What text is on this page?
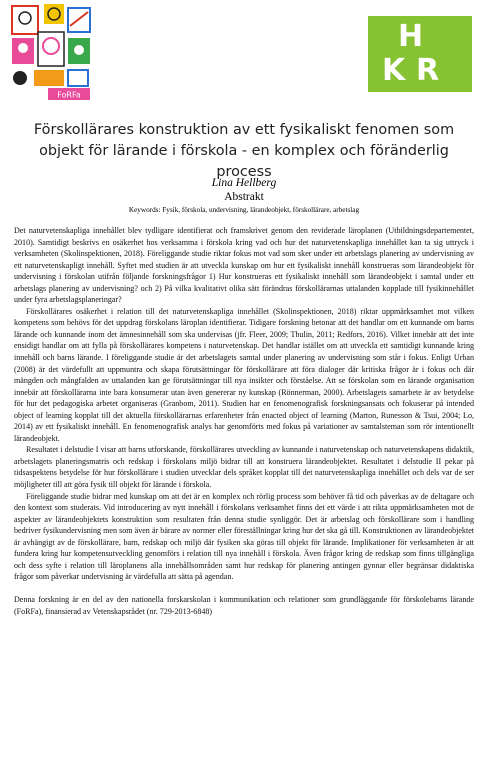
FoRFa
H
K R
Förskollärares konstruktion av ett fysikaliskt fenomen som objekt för lärande i förskola - en komplex och föränderlig process
Lina Hellberg
Abstrakt
Keywords: Fysik, förskola, undervisning, lärandeobjekt, förskollärare, arbetslag

Det naturvetenskapliga innehållet blev tydligare identifierat och framskrivet genom den reviderade läroplanen (Utbildningsdepartementet, 2010). Samtidigt beskrivs en osäkerhet hos verksamma i förskola kring vad och hur det naturvetenskapliga innehållet kan ta sig uttryck i verksamheten (Skolinspektionen, 2018). Föreliggande studie riktar fokus mot vad som sker under ett arbetslags planering av undervisning av ett naturvetenskapligt innehåll. Syftet med studien är att utveckla kunskap om hur ett fysikaliskt innehåll konstrueras som lärandeobjekt för undervisning i förskolan utifrån följande forskningsfrågor 1) Hur konstrueras ett fysikaliskt innehåll som lärandeobjekt i samtal under ett arbetslags planering av undervisning? och 2) På vilka kvalitativt olika sätt förändras förskollärarnas uttalanden kopplade till fysikinnehållet under fyra arbetslagsplaneringar?

Förskollärares osäkerhet i relation till det naturvetenskapliga innehållet (Skolinspektionen, 2018) riktar uppmärksamhet mot vilken kompetens som behövs för det uppdrag förskolans läroplan identifierar. Tidigare forskning betonar att det handlar om ett kunnande om barns lärande och kunnande inom det ämnesinnehåll som ska undervisas (jfr. Fleer, 2009; Thulin, 2011; Redfors, 2016). Vilket innebär att det inte ensidigt handlar om att fylla på förskollärares kompetens i naturvetenskap. Det handlar istället om att utveckla ett samtidigt kunnande kring innehåll och barns lärande. I föreliggande studie är det arbetslagets samtal under planering av undervisning som står i fokus. Enligt Urban (2008) är det värdefullt att uppmuntra och skapa förutsättningar för förskollärare att föra dialoger där kritiska frågor är i fokus och där mängden och mångfalden av uttalanden kan ge förutsättningar till nya insikter och förståelse. Att se förskolan som en lärande organisation innebär att förskollärarna inte bara konsumerar utan även genererar ny kunskap (Rönnerman, 2000). Arbetslagets samarbete är av betydelse för hur det pedagogiska arbetet organiseras (Granbom, 2011). Studien har en fenomenografisk forskningsansats och fokuserar på intended object of learning kopplat till det aktuella förskollärarnas erfarenheter från enacted object of learning (Marton, Runesson & Tsui, 2004; Lo, 2014) av ett fysikaliskt innehåll. En fenomenografisk analys har genomförts med fokus på variationer av samtalsteman som rör intentionellt lärandeobjekt.

Resultatet i delstudie I visar att barns utforskande, förskollärares utveckling av kunnande i naturvetenskap och naturvetenskapens didaktik, arbetslagets planeringsmatris och redskap i förskolans miljö bidrar till att konstruera lärandeobjektet. Resultatet i delstudie II pekar på tidsaspektens betydelse för hur förskollärare i studien utvecklar dels språket kopplat till det naturvetenskapliga innehållet och dels var de ser möjligheter till att göra fysik till objekt för lärande i förskola.

Föreliggande studie bidrar med kunskap om att det är en komplex och rörlig process som behöver få tid och påverkas av de deltagare och den kontext som studerats. Vid introducering av nytt innehåll i förskolans verksamhet finns det ett värde i att rikta uppmärksamheten mot de aspekter av lärandeobjektets konstruktion som resultaten från denna studie synliggör. Det är arbetslag och förskollärare som i handling bedriver fysikundervisning men som även är bärare av normer eller föreställningar kring hur det ska gå till. Konstruktionen av lärandeobjektet är avhängigt av de förskollärare, barn, redskap och miljö där fysiken ska göras till objekt för lärande. Implikationer för verksamheten är att fundera kring hur kompetensutveckling genomförs i relation till nya innehåll i förskola. Även frågor kring de redskap som finns tillgängliga och dess syfte i relation till läroplanens alla innehållsområden samt hur redskap för planering antingen gynnar eller begränsar didaktiska frågor som påverkar undervisning är värdefulla att sätta på agendan.

Denna forskning är en del av den nationella forskarskolan i kommunikation och relationer som grundläggande för förskolebarns lärande (FoRFa), finansierad av Vetenskapsrådet (nr. 729-2013-6848)
